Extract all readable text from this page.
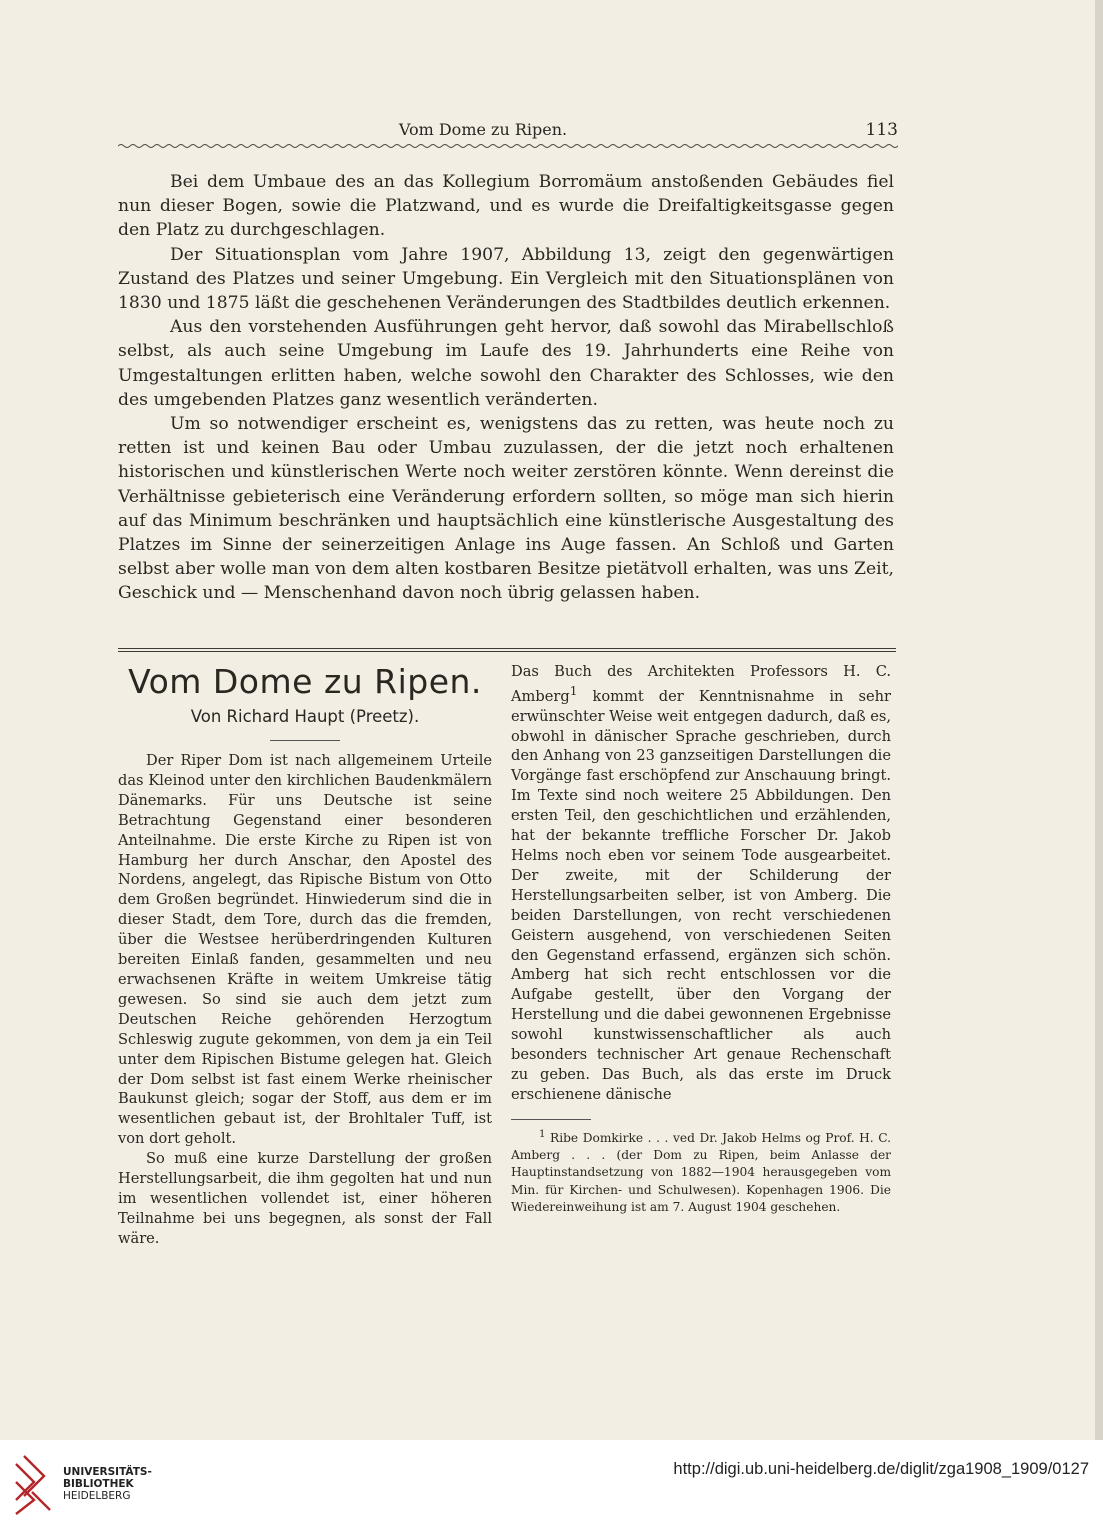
Vom Dome zu Ripen.	113

Bei dem Umbaue des an das Kollegium Borromäum anstoßenden Gebäudes fiel nun dieser Bogen, sowie die Platzwand, und es wurde die Dreifaltigkeitsgasse gegen den Platz zu durchgeschlagen.

Der Situationsplan vom Jahre 1907, Abbildung 13, zeigt den gegenwärtigen Zustand des Platzes und seiner Umgebung. Ein Vergleich mit den Situationsplänen von 1830 und 1875 läßt die geschehenen Veränderungen des Stadtbildes deutlich erkennen.

Aus den vorstehenden Ausführungen geht hervor, daß sowohl das Mirabellschloß selbst, als auch seine Umgebung im Laufe des 19. Jahrhunderts eine Reihe von Umgestaltungen erlitten haben, welche sowohl den Charakter des Schlosses, wie den des umgebenden Platzes ganz wesentlich veränderten.

Um so notwendiger erscheint es, wenigstens das zu retten, was heute noch zu retten ist und keinen Bau oder Umbau zuzulassen, der die jetzt noch erhaltenen historischen und künstlerischen Werte noch weiter zerstören könnte. Wenn dereinst die Verhältnisse gebieterisch eine Veränderung erfordern sollten, so möge man sich hierin auf das Minimum beschränken und hauptsächlich eine künstlerische Ausgestaltung des Platzes im Sinne der seinerzeitigen Anlage ins Auge fassen. An Schloß und Garten selbst aber wolle man von dem alten kostbaren Besitze pietätvoll erhalten, was uns Zeit, Geschick und — Menschenhand davon noch übrig gelassen haben.

Vom Dome zu Ripen.
Von Richard Haupt (Preetz).

Der Riper Dom ist nach allgemeinem Urteile das Kleinod unter den kirchlichen Baudenkmälern Dänemarks. Für uns Deutsche ist seine Betrachtung Gegenstand einer besonderen Anteilnahme. Die erste Kirche zu Ripen ist von Hamburg her durch Anschar, den Apostel des Nordens, angelegt, das Ripische Bistum von Otto dem Großen begründet. Hinwiederum sind die in dieser Stadt, dem Tore, durch das die fremden, über die Westsee herüberdringenden Kulturen bereiten Einlaß fanden, gesammelten und neu erwachsenen Kräfte in weitem Umkreise tätig gewesen. So sind sie auch dem jetzt zum Deutschen Reiche gehörenden Herzogtum Schleswig zugute gekommen, von dem ja ein Teil unter dem Ripischen Bistume gelegen hat. Gleich der Dom selbst ist fast einem Werke rheinischer Baukunst gleich; sogar der Stoff, aus dem er im wesentlichen gebaut ist, der Brohltaler Tuff, ist von dort geholt.

So muß eine kurze Darstellung der großen Herstellungsarbeit, die ihm gegolten hat und nun im wesentlichen vollendet ist, einer höheren Teilnahme bei uns begegnen, als sonst der Fall wäre.

Das Buch des Architekten Professors H. C. Amberg$^1$ kommt der Kenntnisnahme in sehr erwünschter Weise weit entgegen dadurch, daß es, obwohl in dänischer Sprache geschrieben, durch den Anhang von 23 ganzseitigen Darstellungen die Vorgänge fast erschöpfend zur Anschauung bringt. Im Texte sind noch weitere 25 Abbildungen. Den ersten Teil, den geschichtlichen und erzählenden, hat der bekannte treffliche Forscher Dr. Jakob Helms noch eben vor seinem Tode ausgearbeitet. Der zweite, mit der Schilderung der Herstellungsarbeiten selber, ist von Amberg. Die beiden Darstellungen, von recht verschiedenen Geistern ausgehend, von verschiedenen Seiten den Gegenstand erfassend, ergänzen sich schön. Amberg hat sich recht entschlossen vor die Aufgabe gestellt, über den Vorgang der Herstellung und die dabei gewonnenen Ergebnisse sowohl kunstwissenschaftlicher als auch besonders technischer Art genaue Rechenschaft zu geben. Das Buch, als das erste im Druck erschienene dänische

$^1$ Ribe Domkirke . . . ved Dr. Jakob Helms og Prof. H. C. Amberg . . . (der Dom zu Ripen, beim Anlasse der Hauptinstandsetzung von 1882—1904 herausgegeben vom Min. für Kirchen- und Schulwesen). Kopenhagen 1906. Die Wiedereinweihung ist am 7. August 1904 geschehen.

UNIVERSITÄTS-
BIBLIOTHEK
HEIDELBERG
http://digi.ub.uni-heidelberg.de/diglit/zga1908_1909/0127
